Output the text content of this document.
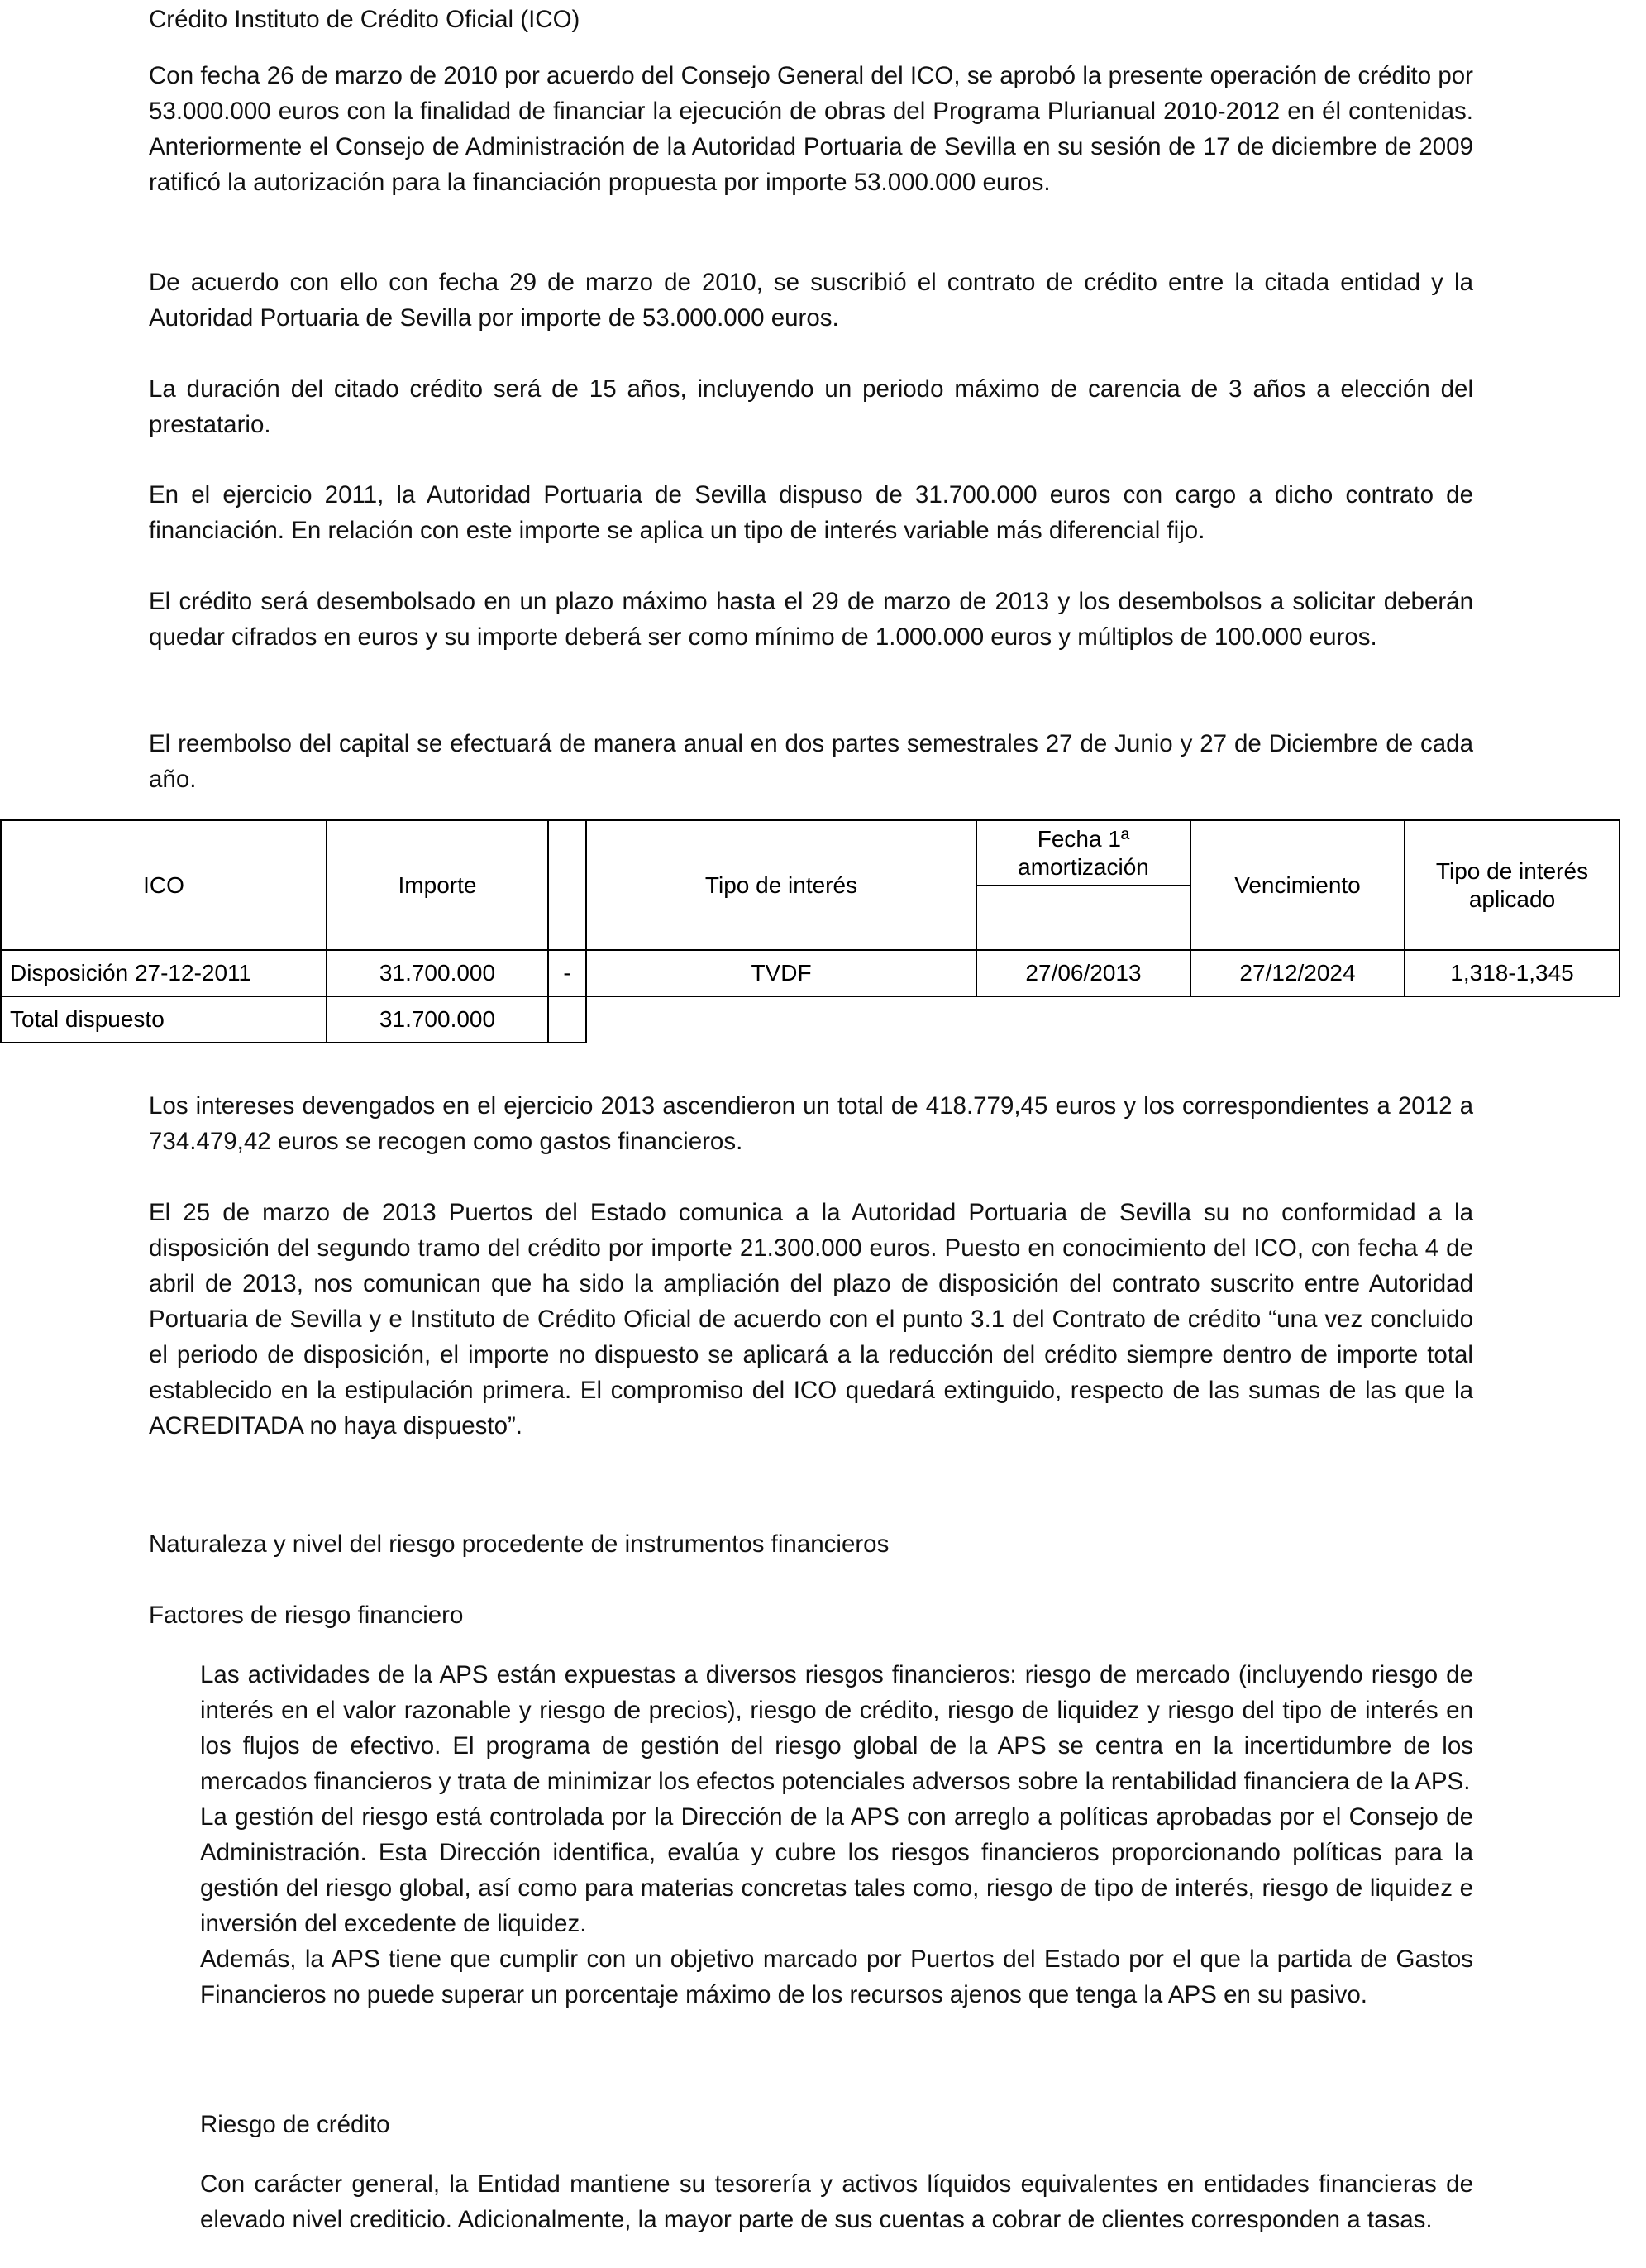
Crédito Instituto de Crédito Oficial (ICO)

Con fecha 26 de marzo de 2010 por acuerdo del Consejo General del ICO, se aprobó la presente operación de crédito por 53.000.000 euros con la finalidad de financiar la ejecución de obras del Programa Plurianual 2010-2012 en él contenidas. Anteriormente el Consejo de Administración de la Autoridad Portuaria de Sevilla en su sesión de 17 de diciembre de 2009 ratificó la autorización para la financiación propuesta por importe 53.000.000 euros.

De acuerdo con ello con fecha 29 de marzo de 2010, se suscribió el contrato de crédito entre la citada entidad y la Autoridad Portuaria de Sevilla por importe de 53.000.000 euros.

La duración del citado crédito será de 15 años, incluyendo un periodo máximo de carencia de 3 años a elección del prestatario.

En el ejercicio 2011, la Autoridad Portuaria de Sevilla dispuso de 31.700.000 euros con cargo a dicho contrato de financiación. En relación con este importe se aplica un tipo de interés variable más diferencial fijo.

El crédito será desembolsado en un plazo máximo hasta el 29 de marzo de 2013 y los desembolsos a solicitar deberán quedar cifrados en euros y su importe deberá ser como mínimo de 1.000.000 euros y múltiplos de 100.000 euros.

El reembolso del capital se efectuará de manera anual en dos partes semestrales 27 de Junio y 27 de Diciembre de cada año.

ICO	Importe		Tipo de interés	Fecha 1ª amortización	Vencimiento	Tipo de interés aplicado

Disposición 27-12-2011	31.700.000	-	TVDF	27/06/2013	27/12/2024	1,318-1,345
Total dispuesto	31.700.000					

Los intereses devengados en el ejercicio 2013 ascendieron un total de 418.779,45 euros y los correspondientes a 2012 a 734.479,42 euros se recogen como gastos financieros.

El 25 de marzo de 2013 Puertos del Estado comunica a la Autoridad Portuaria de Sevilla su no conformidad a la disposición del segundo tramo del crédito por importe 21.300.000 euros. Puesto en conocimiento del ICO, con fecha 4 de abril de 2013, nos comunican que ha sido la ampliación del plazo de disposición del contrato suscrito entre Autoridad Portuaria de Sevilla y e Instituto de Crédito Oficial de acuerdo con el punto 3.1 del Contrato de crédito “una vez concluido el periodo de disposición, el importe no dispuesto se aplicará a la reducción del crédito siempre dentro de importe total establecido en la estipulación primera. El compromiso del ICO quedará extinguido, respecto de las sumas de las que la ACREDITADA no haya dispuesto”.

Naturaleza y nivel del riesgo procedente de instrumentos financieros

Factores de riesgo financiero

Las actividades de la APS están expuestas a diversos riesgos financieros: riesgo de mercado (incluyendo riesgo de interés en el valor razonable y riesgo de precios), riesgo de crédito, riesgo de liquidez y riesgo del tipo de interés en los flujos de efectivo. El programa de gestión del riesgo global de la APS se centra en la incertidumbre de los mercados financieros y trata de minimizar los efectos potenciales adversos sobre la rentabilidad financiera de la APS.

La gestión del riesgo está controlada por la Dirección de la APS con arreglo a políticas aprobadas por el Consejo de Administración. Esta Dirección identifica, evalúa y cubre los riesgos financieros proporcionando políticas para la gestión del riesgo global, así como para materias concretas tales como, riesgo de tipo de interés, riesgo de liquidez e inversión del excedente de liquidez.

Además, la APS tiene que cumplir con un objetivo marcado por Puertos del Estado por el que la partida de Gastos Financieros no puede superar un porcentaje máximo de los recursos ajenos que tenga la APS en su pasivo.

Riesgo de crédito

Con carácter general, la Entidad mantiene su tesorería y activos líquidos equivalentes en entidades financieras de elevado nivel crediticio. Adicionalmente, la mayor parte de sus cuentas a cobrar de clientes corresponden a tasas.
